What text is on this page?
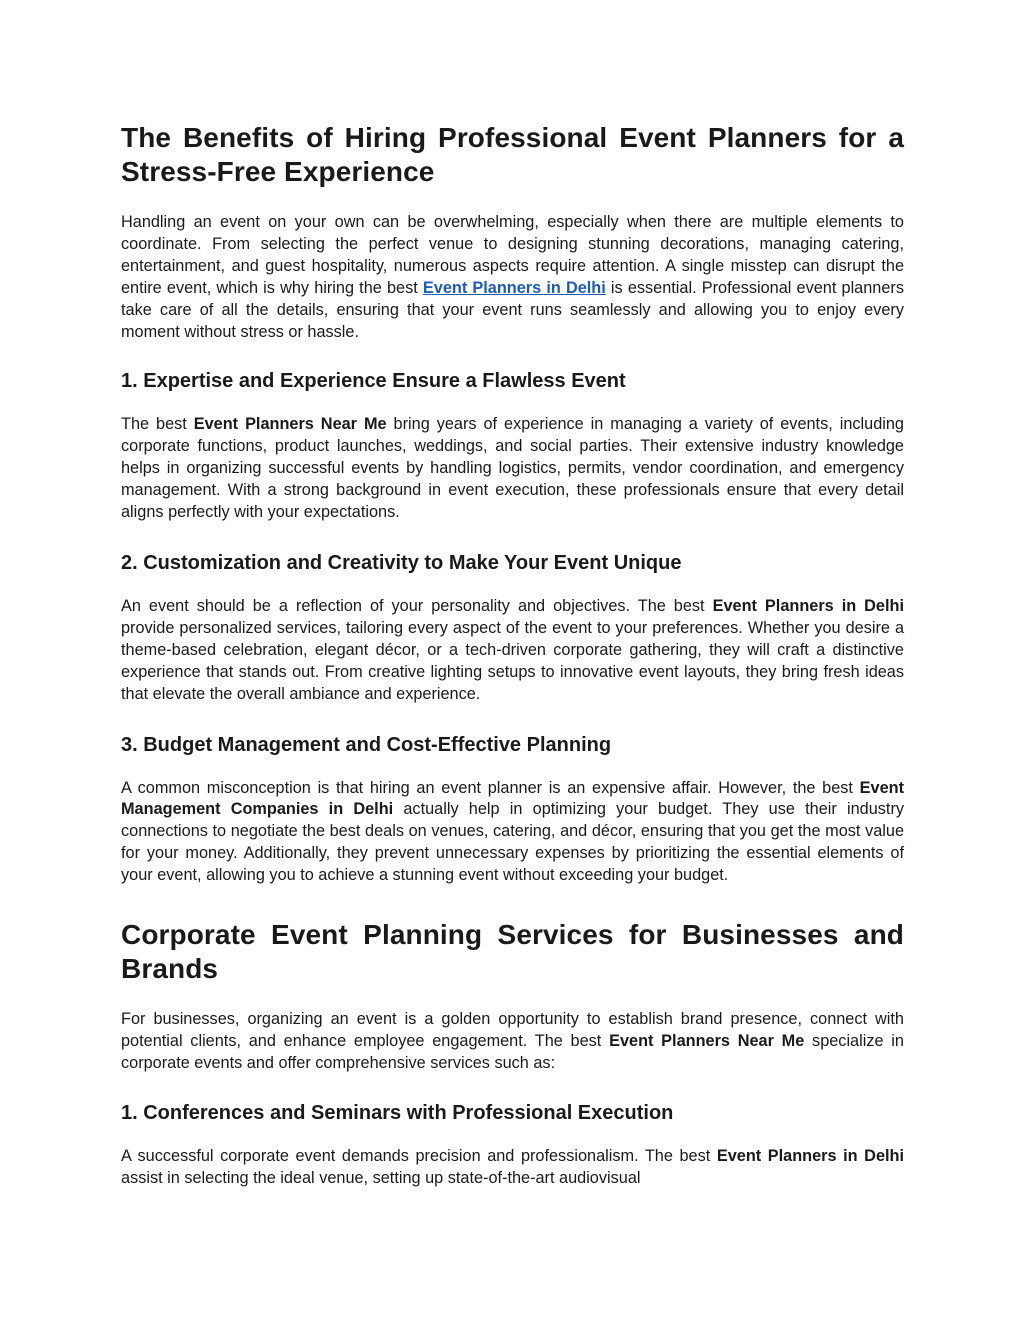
The Benefits of Hiring Professional Event Planners for a Stress-Free Experience

Handling an event on your own can be overwhelming, especially when there are multiple elements to coordinate. From selecting the perfect venue to designing stunning decorations, managing catering, entertainment, and guest hospitality, numerous aspects require attention. A single misstep can disrupt the entire event, which is why hiring the best Event Planners in Delhi is essential. Professional event planners take care of all the details, ensuring that your event runs seamlessly and allowing you to enjoy every moment without stress or hassle.

1. Expertise and Experience Ensure a Flawless Event

The best Event Planners Near Me bring years of experience in managing a variety of events, including corporate functions, product launches, weddings, and social parties. Their extensive industry knowledge helps in organizing successful events by handling logistics, permits, vendor coordination, and emergency management. With a strong background in event execution, these professionals ensure that every detail aligns perfectly with your expectations.

2. Customization and Creativity to Make Your Event Unique

An event should be a reflection of your personality and objectives. The best Event Planners in Delhi provide personalized services, tailoring every aspect of the event to your preferences. Whether you desire a theme-based celebration, elegant décor, or a tech-driven corporate gathering, they will craft a distinctive experience that stands out. From creative lighting setups to innovative event layouts, they bring fresh ideas that elevate the overall ambiance and experience.

3. Budget Management and Cost-Effective Planning

A common misconception is that hiring an event planner is an expensive affair. However, the best Event Management Companies in Delhi actually help in optimizing your budget. They use their industry connections to negotiate the best deals on venues, catering, and décor, ensuring that you get the most value for your money. Additionally, they prevent unnecessary expenses by prioritizing the essential elements of your event, allowing you to achieve a stunning event without exceeding your budget.

Corporate Event Planning Services for Businesses and Brands

For businesses, organizing an event is a golden opportunity to establish brand presence, connect with potential clients, and enhance employee engagement. The best Event Planners Near Me specialize in corporate events and offer comprehensive services such as:

1. Conferences and Seminars with Professional Execution

A successful corporate event demands precision and professionalism. The best Event Planners in Delhi assist in selecting the ideal venue, setting up state-of-the-art audiovisual
